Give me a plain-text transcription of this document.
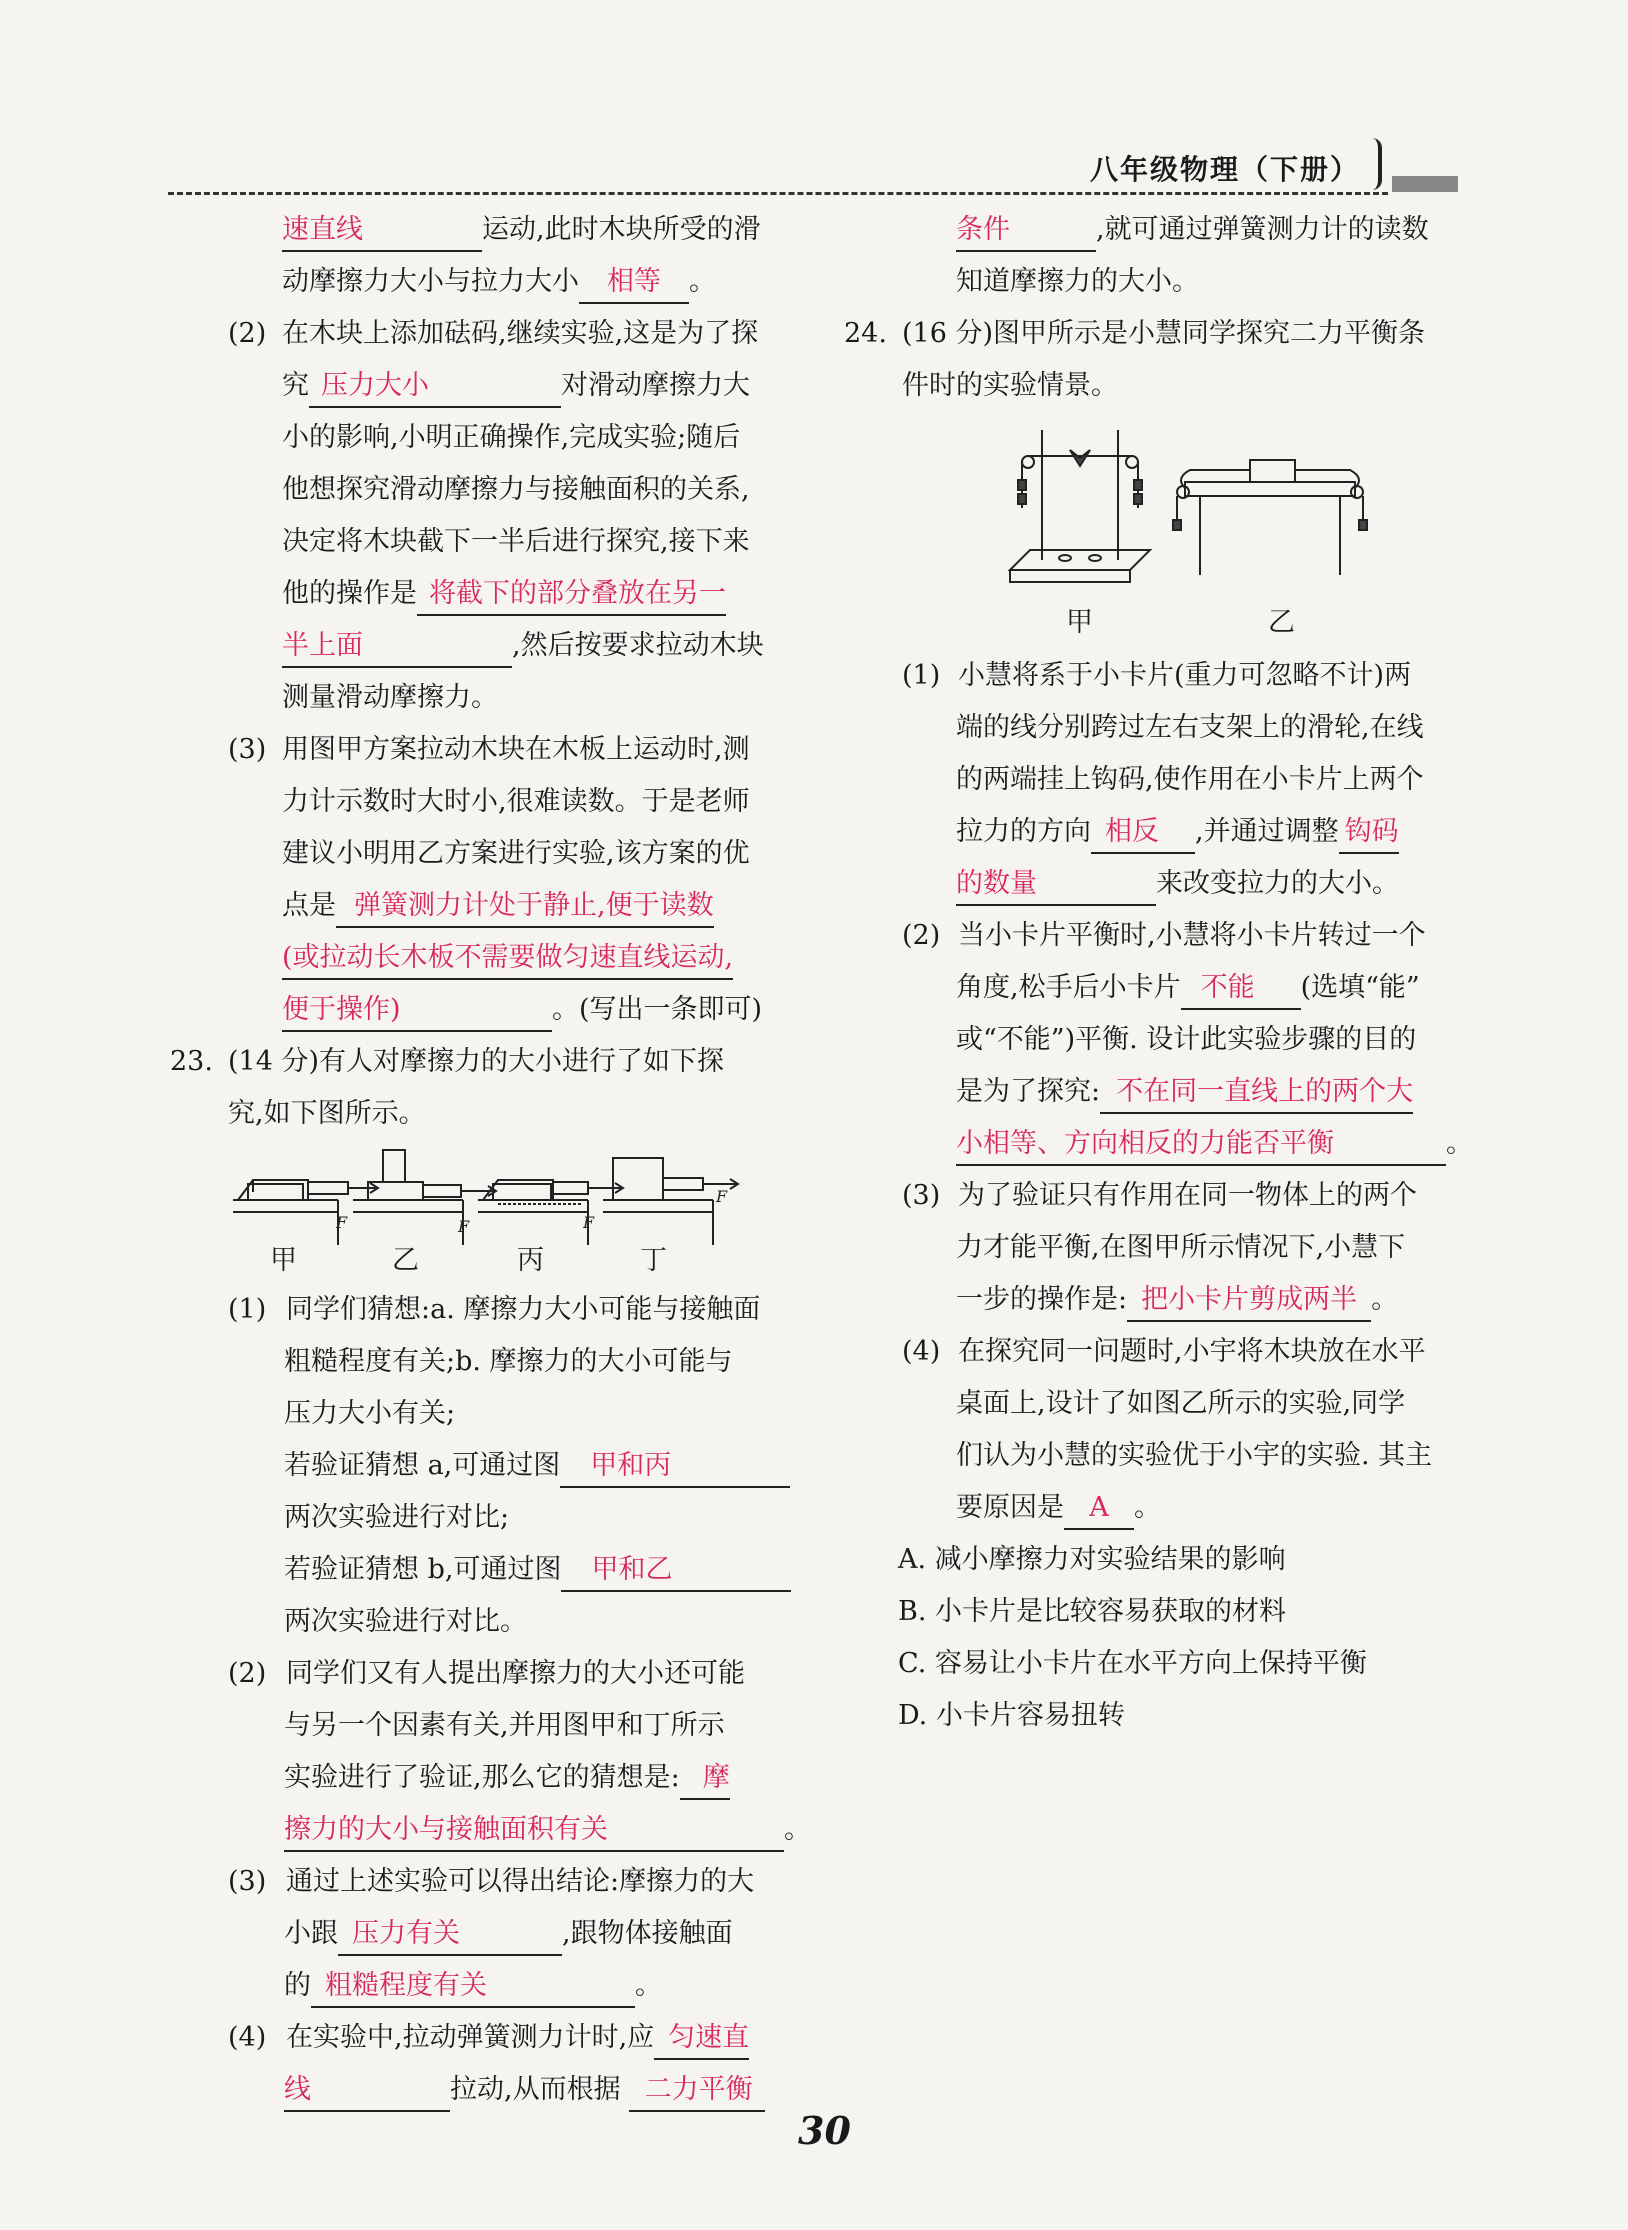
八年级物理（下册）
速直线	运动,此时木块所受的滑
动摩擦力大小与拉力大小 相等 。
(2) 在木块上添加砝码,继续实验,这是为了探
究 压力大小	对滑动摩擦力大
小的影响,小明正确操作,完成实验;随后
他想探究滑动摩擦力与接触面积的关系,
决定将木块截下一半后进行探究,接下来
他的操作是 将截下的部分叠放在另一
半上面	,然后按要求拉动木块
测量滑动摩擦力。
(3) 用图甲方案拉动木块在木板上运动时,测
力计示数时大时小,很难读数。于是老师
建议小明用乙方案进行实验,该方案的优
点是 弹簧测力计处于静止,便于读数
(或拉动长木板不需要做匀速直线运动,
便于操作)	。(写出一条即可)
23. (14 分)有人对摩擦力的大小进行了如下探
究,如下图所示。
F	F	F
F
甲	乙	丙	丁
(1) 同学们猜想:a. 摩擦力大小可能与接触面
粗糙程度有关;b. 摩擦力的大小可能与
压力大小有关;
若验证猜想 a,可通过图 甲和丙
两次实验进行对比;
若验证猜想 b,可通过图 甲和乙
两次实验进行对比。
(2) 同学们又有人提出摩擦力的大小还可能
与另一个因素有关,并用图甲和丁所示
实验进行了验证,那么它的猜想是: 摩
擦力的大小与接触面积有关	。
(3) 通过上述实验可以得出结论:摩擦力的大
小跟 压力有关	,跟物体接触面
的 粗糙程度有关	。
(4) 在实验中,拉动弹簧测力计时,应 匀速直
线	拉动,从而根据 二力平衡
条件	,就可通过弹簧测力计的读数
知道摩擦力的大小。
24. (16 分)图甲所示是小慧同学探究二力平衡条
件时的实验情景。
甲	乙
(1) 小慧将系于小卡片(重力可忽略不计)两
端的线分别跨过左右支架上的滑轮,在线
的两端挂上钩码,使作用在小卡片上两个
拉力的方向 相反 ,并通过调整 钩码
的数量	来改变拉力的大小。
(2) 当小卡片平衡时,小慧将小卡片转过一个
角度,松手后小卡片 不能 (选填“能”
或“不能”)平衡. 设计此实验步骤的目的
是为了探究: 不在同一直线上的两个大
小相等、方向相反的力能否平衡	。
(3) 为了验证只有作用在同一物体上的两个
力才能平衡,在图甲所示情况下,小慧下
一步的操作是: 把小卡片剪成两半 。
(4) 在探究同一问题时,小宇将木块放在水平
桌面上,设计了如图乙所示的实验,同学
们认为小慧的实验优于小宇的实验. 其主
要原因是 A 。
A. 减小摩擦力对实验结果的影响
B. 小卡片是比较容易获取的材料
C. 容易让小卡片在水平方向上保持平衡
D. 小卡片容易扭转
30
